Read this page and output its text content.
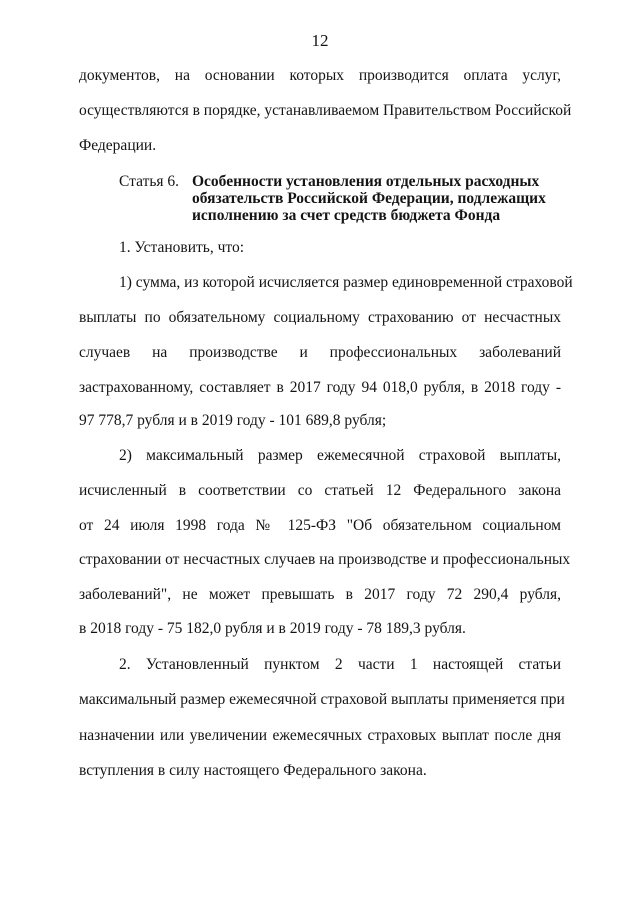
12
документов, на основании которых производится оплата услуг,
осуществляются в порядке, устанавливаемом Правительством Российской
Федерации.
Статья 6. Особенности установления отдельных расходных
обязательств Российской Федерации, подлежащих
исполнению за счет средств бюджета Фонда
1. Установить, что:
1) сумма, из которой исчисляется размер единовременной страховой
выплаты по обязательному социальному страхованию от несчастных
случаев на производстве и профессиональных заболеваний
застрахованному, составляет в 2017 году 94 018,0 рубля, в 2018 году -
97 778,7 рубля и в 2019 году - 101 689,8 рубля;
2) максимальный размер ежемесячной страховой выплаты,
исчисленный в соответствии со статьей 12 Федерального закона
от 24 июля 1998 года № 125-ФЗ "Об обязательном социальном
страховании от несчастных случаев на производстве и профессиональных
заболеваний", не может превышать в 2017 году 72 290,4 рубля,
в 2018 году - 75 182,0 рубля и в 2019 году - 78 189,3 рубля.
2. Установленный пунктом 2 части 1 настоящей статьи
максимальный размер ежемесячной страховой выплаты применяется при
назначении или увеличении ежемесячных страховых выплат после дня
вступления в силу настоящего Федерального закона.
